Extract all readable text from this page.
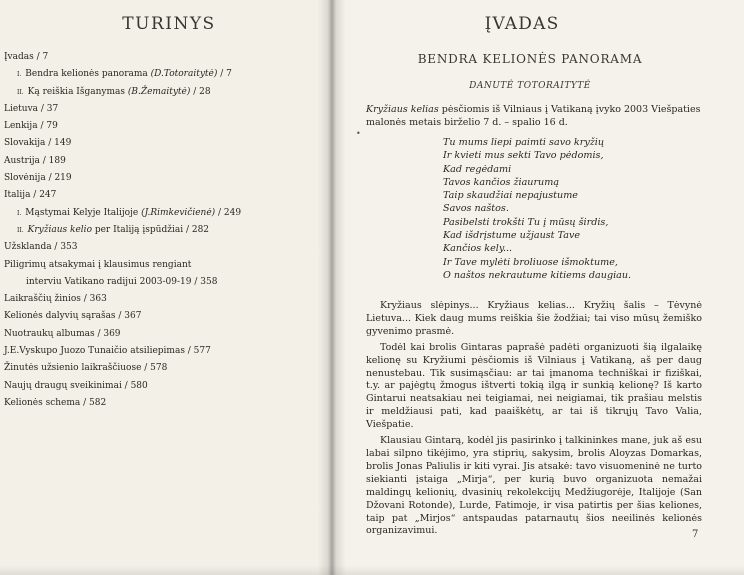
TURINYS
Įvadas / 7
I. Bendra kelionės panorama (D.Totoraitytė) / 7
II. Ką reiškia Išganymas (B.Žemaitytė) / 28
Lietuva / 37
Lenkija / 79
Slovakija / 149
Austrija / 189
Slovėnija / 219
Italija / 247
I. Mąstymai Kelyje Italijoje (J.Rimkevičienė) / 249
II. Kryžiaus kelio per Italiją įspūdžiai / 282
Užsklanda / 353
Piligrimų atsakymai į klausimus rengiant
interviu Vatikano radijui 2003-09-19 / 358
Laikraščių žinios / 363
Kelionės dalyvių sąrašas / 367
Nuotraukų albumas / 369
J.E.Vyskupo Juozo Tunaičio atsiliepimas / 577
Žinutės užsienio laikraščiuose / 578
Naujų draugų sveikinimai / 580
Kelionės schema / 582
ĮVADAS
BENDRA KELIONĖS PANORAMA
DANUTĖ TOTORAITYTĖ
•
Kryžiaus kelias pėsčiomis iš Vilniaus į Vatikaną įvyko 2003 Viešpaties malonės metais birželio 7 d. – spalio 16 d.
Tu mums liepi paimti savo kryžių
Ir kvieti mus sekti Tavo pėdomis,
Kad regėdami
Tavos kančios žiaurumą
Taip skaudžiai nepajustume
Savos naštos.
Pasibelsti trokšti Tu į mūsų širdis,
Kad išdrįstume užjaust Tave
Kančios kely...
Ir Tave mylėti broliuose išmoktume,
O naštos nekrautume kitiems daugiau.

Kryžiaus slėpinys... Kryžiaus kelias... Kryžių šalis – Tėvynė Lietuva... Kiek daug mums reiškia šie žodžiai; tai viso mūsų žemiško gyvenimo prasmė.

Todėl kai brolis Gintaras paprašė padėti organizuoti šią ilgalaikę kelionę su Kryžiumi pėsčiomis iš Vilniaus į Vatikaną, aš per daug nenustebau. Tik susimąsčiau: ar tai įmanoma techniškai ir fiziškai, t.y. ar pajėgtų žmogus ištverti tokią ilgą ir sunkią kelionę? Iš karto Gintarui neatsakiau nei teigiamai, nei neigiamai, tik prašiau melstis ir meldžiausi pati, kad paaiškėtų, ar tai iš tikrųjų Tavo Valia, Viešpatie.

Klausiau Gintarą, kodėl jis pasirinko į talkininkes mane, juk aš esu labai silpno tikėjimo, yra stiprių, sakysim, brolis Aloyzas Domarkas, brolis Jonas Paliulis ir kiti vyrai. Jis atsakė: tavo visuomeninė ne turto siekianti įstaiga „Mirja“, per kurią buvo organizuota nemažai maldingų kelionių, dvasinių rekolekcijų Medžiugorėje, Italijoje (San Džovani Rotonde), Lurde, Fatimoje, ir visa patirtis per šias keliones, taip pat „Mirjos“ antspaudas patarnautų šios neeilinės kelionės organizavimui.	7
